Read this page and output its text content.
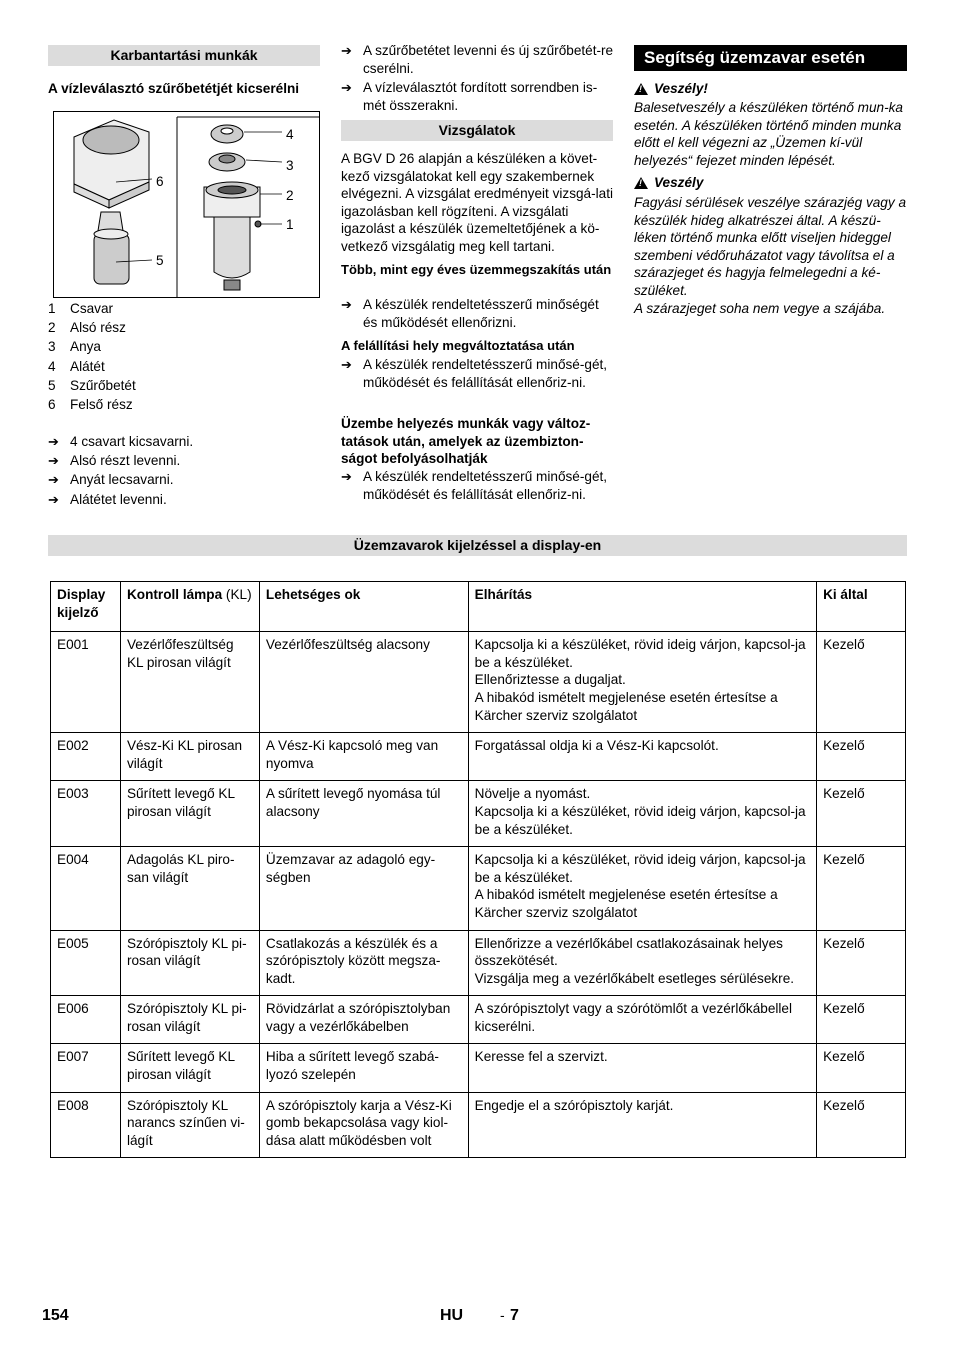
Karbantartási munkák
A vízleválasztó szűrőbetétjét kicserélni
6
5
4
3
2
1
1	Csavar
2	Alsó rész
3	Anya
4	Alátét
5	Szűrőbetét
6	Felső rész
➔ 4 csavart kicsavarni.
➔ Alsó részt levenni.
➔ Anyát lecsavarni.
➔ Alátétet levenni.
➔ A szűrőbetétet levenni és új szűrőbetét-re cserélni.
➔ A vízleválasztót fordított sorrendben is-mét összerakni.
Vizsgálatok

A BGV D 26 alapján a készüléken a követ-kező vizsgálatokat kell egy szakembernek elvégezni. A vizsgálat eredményeit vizsgá-lati igazolásban kell rögzíteni. A vizsgálati igazolást a készülék üzemeltetőjének a kö-vetkező vizsgálatig meg kell tartani.

Több, mint egy éves üzemmegszakítás után

➔ A készülék rendeltetésszerű minőségét és működését ellenőrizni.

A felállítási hely megváltoztatása után

➔ A készülék rendeltetésszerű minősé-gét, működését és felállítását ellenőriz-ni.

Üzembe helyezés munkák vagy változ-tatások után, amelyek az üzembizton-ságot befolyásolhatják

➔ A készülék rendeltetésszerű minősé-gét, működését és felállítását ellenőriz-ni.
Segítség üzemzavar esetén
!
Veszély!

Balesetveszély a készüléken történő mun-ka esetén. A készüléken történő minden munka előtt el kell végezni az „Üzemen kí-vül helyezés“ fejezet minden lépését.

!
Veszély

Fagyási sérülések veszélye szárazjég vagy a készülék hideg alkatrészei által. A készü-léken történő munka előtt viseljen hideggel szembeni védőruházatot vagy távolítsa el a szárazjeget és hagyja felmelegedni a ké-szüléket.

A szárazjeget soha nem vegye a szájába.

Üzemzavarok kijelzéssel a display-en
Display kijelző	Kontroll lámpa (KL)	Lehetséges ok	Elhárítás	Ki által
E001	Vezérlőfeszültség KL pirosan világít	Vezérlőfeszültség alacsony	Kapcsolja ki a készüléket, rövid ideig várjon, kapcsol-ja be a készüléket.
Ellenőriztesse a dugaljat.
A hibakód ismételt megjelenése esetén értesítse a Kärcher szerviz szolgálatot	Kezelő
E002	Vész-Ki KL pirosan világít	A Vész-Ki kapcsoló meg van nyomva	Forgatással oldja ki a Vész-Ki kapcsolót.	Kezelő
E003	Sűrített levegő KL pirosan világít	A sűrített levegő nyomása túl alacsony	Növelje a nyomást.
Kapcsolja ki a készüléket, rövid ideig várjon, kapcsol-ja be a készüléket.	Kezelő
E004	Adagolás KL piro-san világít	Üzemzavar az adagoló egy-ségben	Kapcsolja ki a készüléket, rövid ideig várjon, kapcsol-ja be a készüléket.
A hibakód ismételt megjelenése esetén értesítse a Kärcher szerviz szolgálatot	Kezelő
E005	Szórópisztoly KL pi-rosan világít	Csatlakozás a készülék és a szórópisztoly között megsza-kadt.	Ellenőrizze a vezérlőkábel csatlakozásainak helyes összekötését.
Vizsgálja meg a vezérlőkábelt esetleges sérülésekre.	Kezelő
E006	Szórópisztoly KL pi-rosan világít	Rövidzárlat a szórópisztolyban vagy a vezérlőkábelben	A szórópisztolyt vagy a szórótömlőt a vezérlőkábellel kicserélni.	Kezelő
E007	Sűrített levegő KL pirosan világít	Hiba a sűrített levegő szabá-lyozó szelepén	Keresse fel a szervizt.	Kezelő
E008	Szórópisztoly KL narancs színűen vi-lágít	A szórópisztoly karja a Vész-Ki gomb bekapcsolása vagy kiol-dása alatt működésben volt	Engedje el a szórópisztoly karját.	Kezelő
154	HU	- 7
